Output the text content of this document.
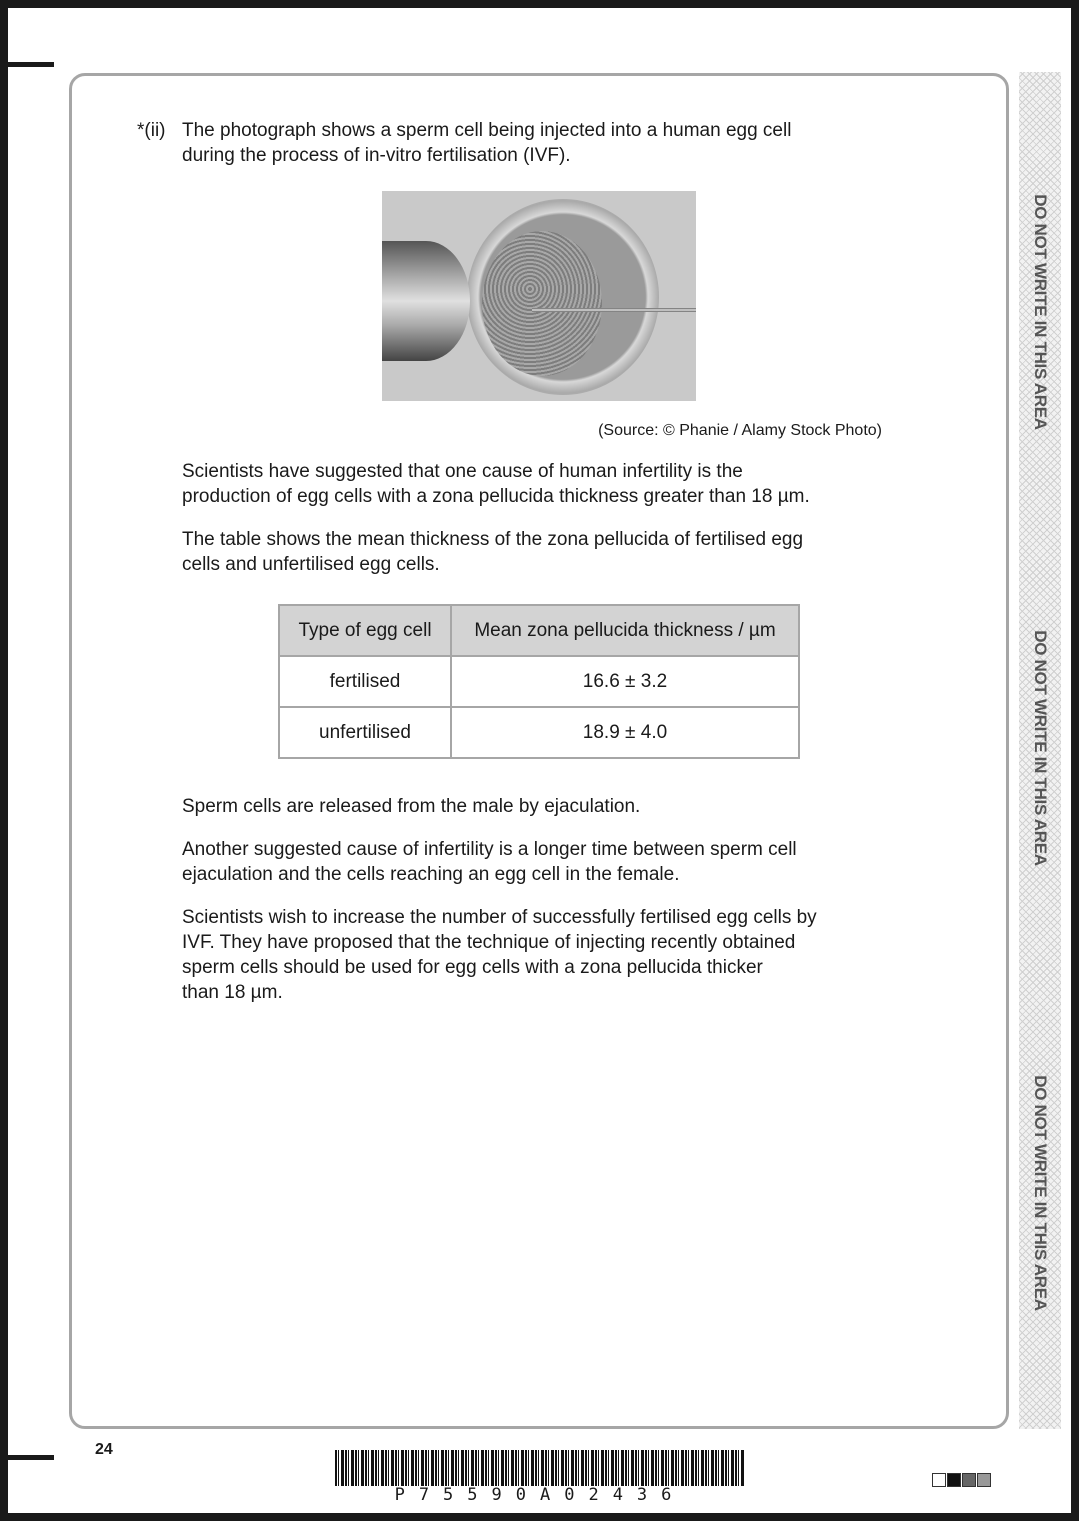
DO NOT WRITE IN THIS AREA
DO NOT WRITE IN THIS AREA
DO NOT WRITE IN THIS AREA
*(ii) The photograph shows a sperm cell being injected into a human egg cell
during the process of in-vitro fertilisation (IVF).
(Source: © Phanie / Alamy Stock Photo)
Scientists have suggested that one cause of human infertility is the
production of egg cells with a zona pellucida thickness greater than 18 µm.
The table shows the mean thickness of the zona pellucida of fertilised egg
cells and unfertilised egg cells.
Type of egg cell	Mean zona pellucida thickness / µm
fertilised	16.6 ± 3.2
unfertilised	18.9 ± 4.0
Sperm cells are released from the male by ejaculation.
Another suggested cause of infertility is a longer time between sperm cell
ejaculation and the cells reaching an egg cell in the female.
Scientists wish to increase the number of successfully fertilised egg cells by
IVF. They have proposed that the technique of injecting recently obtained
sperm cells should be used for egg cells with a zona pellucida thicker
than 18 µm.
24
P75590A02436
